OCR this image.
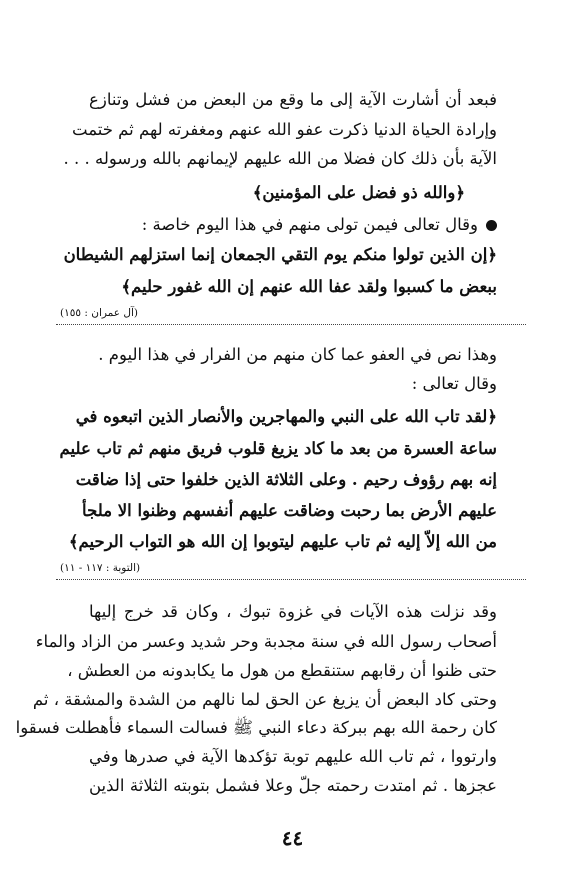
فبعد أن أشارت الآية إلى ما وقع من البعض من فشل وتنازع
وإرادة الحياة الدنيا ذكرت عفو الله عنهم ومغفرته لهم ثم ختمت
الآية بأن ذلك كان فضلا من الله عليهم لإيمانهم بالله ورسوله . . .
﴿والله ذو فضل على المؤمنين﴾
وقال تعالى فيمن تولى منهم في هذا اليوم خاصة :
﴿إن الذين تولوا منكم يوم التقي الجمعان إنما استزلهم الشيطان
ببعض ما كسبوا ولقد عفا الله عنهم إن الله غفور حليم﴾
(آل عمران : ١٥٥)
وهذا نص في العفو عما كان منهم من الفرار في هذا اليوم .
وقال تعالى :
﴿لقد تاب الله على النبي والمهاجرين والأنصار الذين اتبعوه في
ساعة العسرة من بعد ما كاد يزيغ قلوب فريق منهم ثم تاب عليم
إنه بهم رؤوف رحيم . وعلى الثلاثة الذين خلفوا حتى إذا ضاقت
عليهم الأرض بما رحبت وضاقت عليهم أنفسهم وظنوا الا ملجأ
من الله إلاّ إليه ثم تاب عليهم ليتوبوا إن الله هو التواب الرحيم﴾
(التوبة : ١١٧ - ١١)
وقد نزلت هذه الآيات في غزوة تبوك ، وكان قد خرج إليها
أصحاب رسول الله في سنة مجدبة وحر شديد وعسر من الزاد والماء
حتى ظنوا أن رقابهم ستنقطع من هول ما يكابدونه من العطش ،
وحتى كاد البعض أن يزيغ عن الحق لما نالهم من الشدة والمشقة ، ثم
كان رحمة الله بهم ببركة دعاء النبي ﷺ فسالت السماء فأهطلت فسقوا
وارتووا ، ثم تاب الله عليهم توبة تؤكدها الآية في صدرها وفي
عجزها . ثم امتدت رحمته جلّ وعلا فشمل بتوبته الثلاثة الذين
٤٤
